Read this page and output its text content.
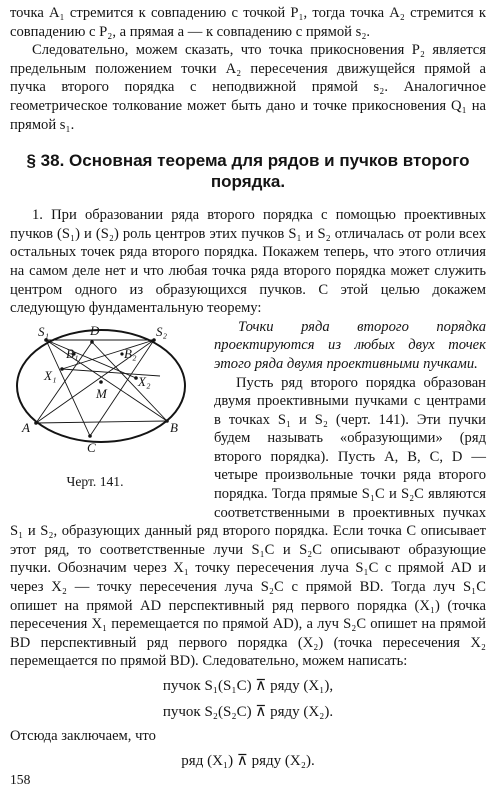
точка A₁ стремится к совпадению с точкой P₁, тогда точка A₂ стремится к совпадению с P₂, а прямая a — к совпадению с прямой s₂.

Следовательно, можем сказать, что точка прикосновения P₂ является предельным положением точки A₂ пересечения движущейся прямой a пучка второго порядка с неподвижной прямой s₂. Аналогичное геометрическое толкование может быть дано и точке прикосновения Q₁ на прямой s₁.

§ 38. Основная теорема для рядов и пучков второго порядка.

1. При образовании ряда второго порядка с помощью проективных пучков (S₁) и (S₂) роль центров этих пучков S₁ и S₂ отличалась от роли всех остальных точек ряда второго порядка. Покажем теперь, что этого отличия на самом деле нет и что любая точка ряда второго порядка может служить центром одного из образующихся пучков. С этой целью докажем следующую фундаментальную теорему:

S₁	S₂
D
B₁	B₂
X₁	X₂
M
A	B
C
Черт. 141.

Точки ряда второго порядка проектируются из любых двух точек этого ряда двумя проективными пучками.

Пусть ряд второго порядка образован двумя проективными пучками с центрами в точках S₁ и S₂ (черт. 141). Эти пучки будем называть «образующими» (ряд второго порядка). Пусть A, B, C, D — четыре произвольные точки ряда второго порядка. Тогда прямые S₁C и S₂C являются соответственными в проективных пучках S₁ и S₂, образующих данный ряд второго порядка. Если точка C описывает этот ряд, то соответственные лучи S₁C и S₂C описывают образующие пучки. Обозначим через X₁ точку пересечения луча S₁C с прямой AD и через X₂ — точку пересечения луча S₂C с прямой BD. Тогда луч S₁C опишет на прямой AD перспективный ряд первого порядка (X₁) (точка пересечения X₁ перемещается по прямой AD), а луч S₂C опишет на прямой BD перспективный ряд первого порядка (X₂) (точка пересечения X₂ перемещается по прямой BD). Следовательно, можем написать:

пучок S₁(S₁C) ⊼ ряду (X₁),
пучок S₂(S₂C) ⊼ ряду (X₂).

Отсюда заключаем, что

ряд (X₁) ⊼ ряду (X₂).
158
